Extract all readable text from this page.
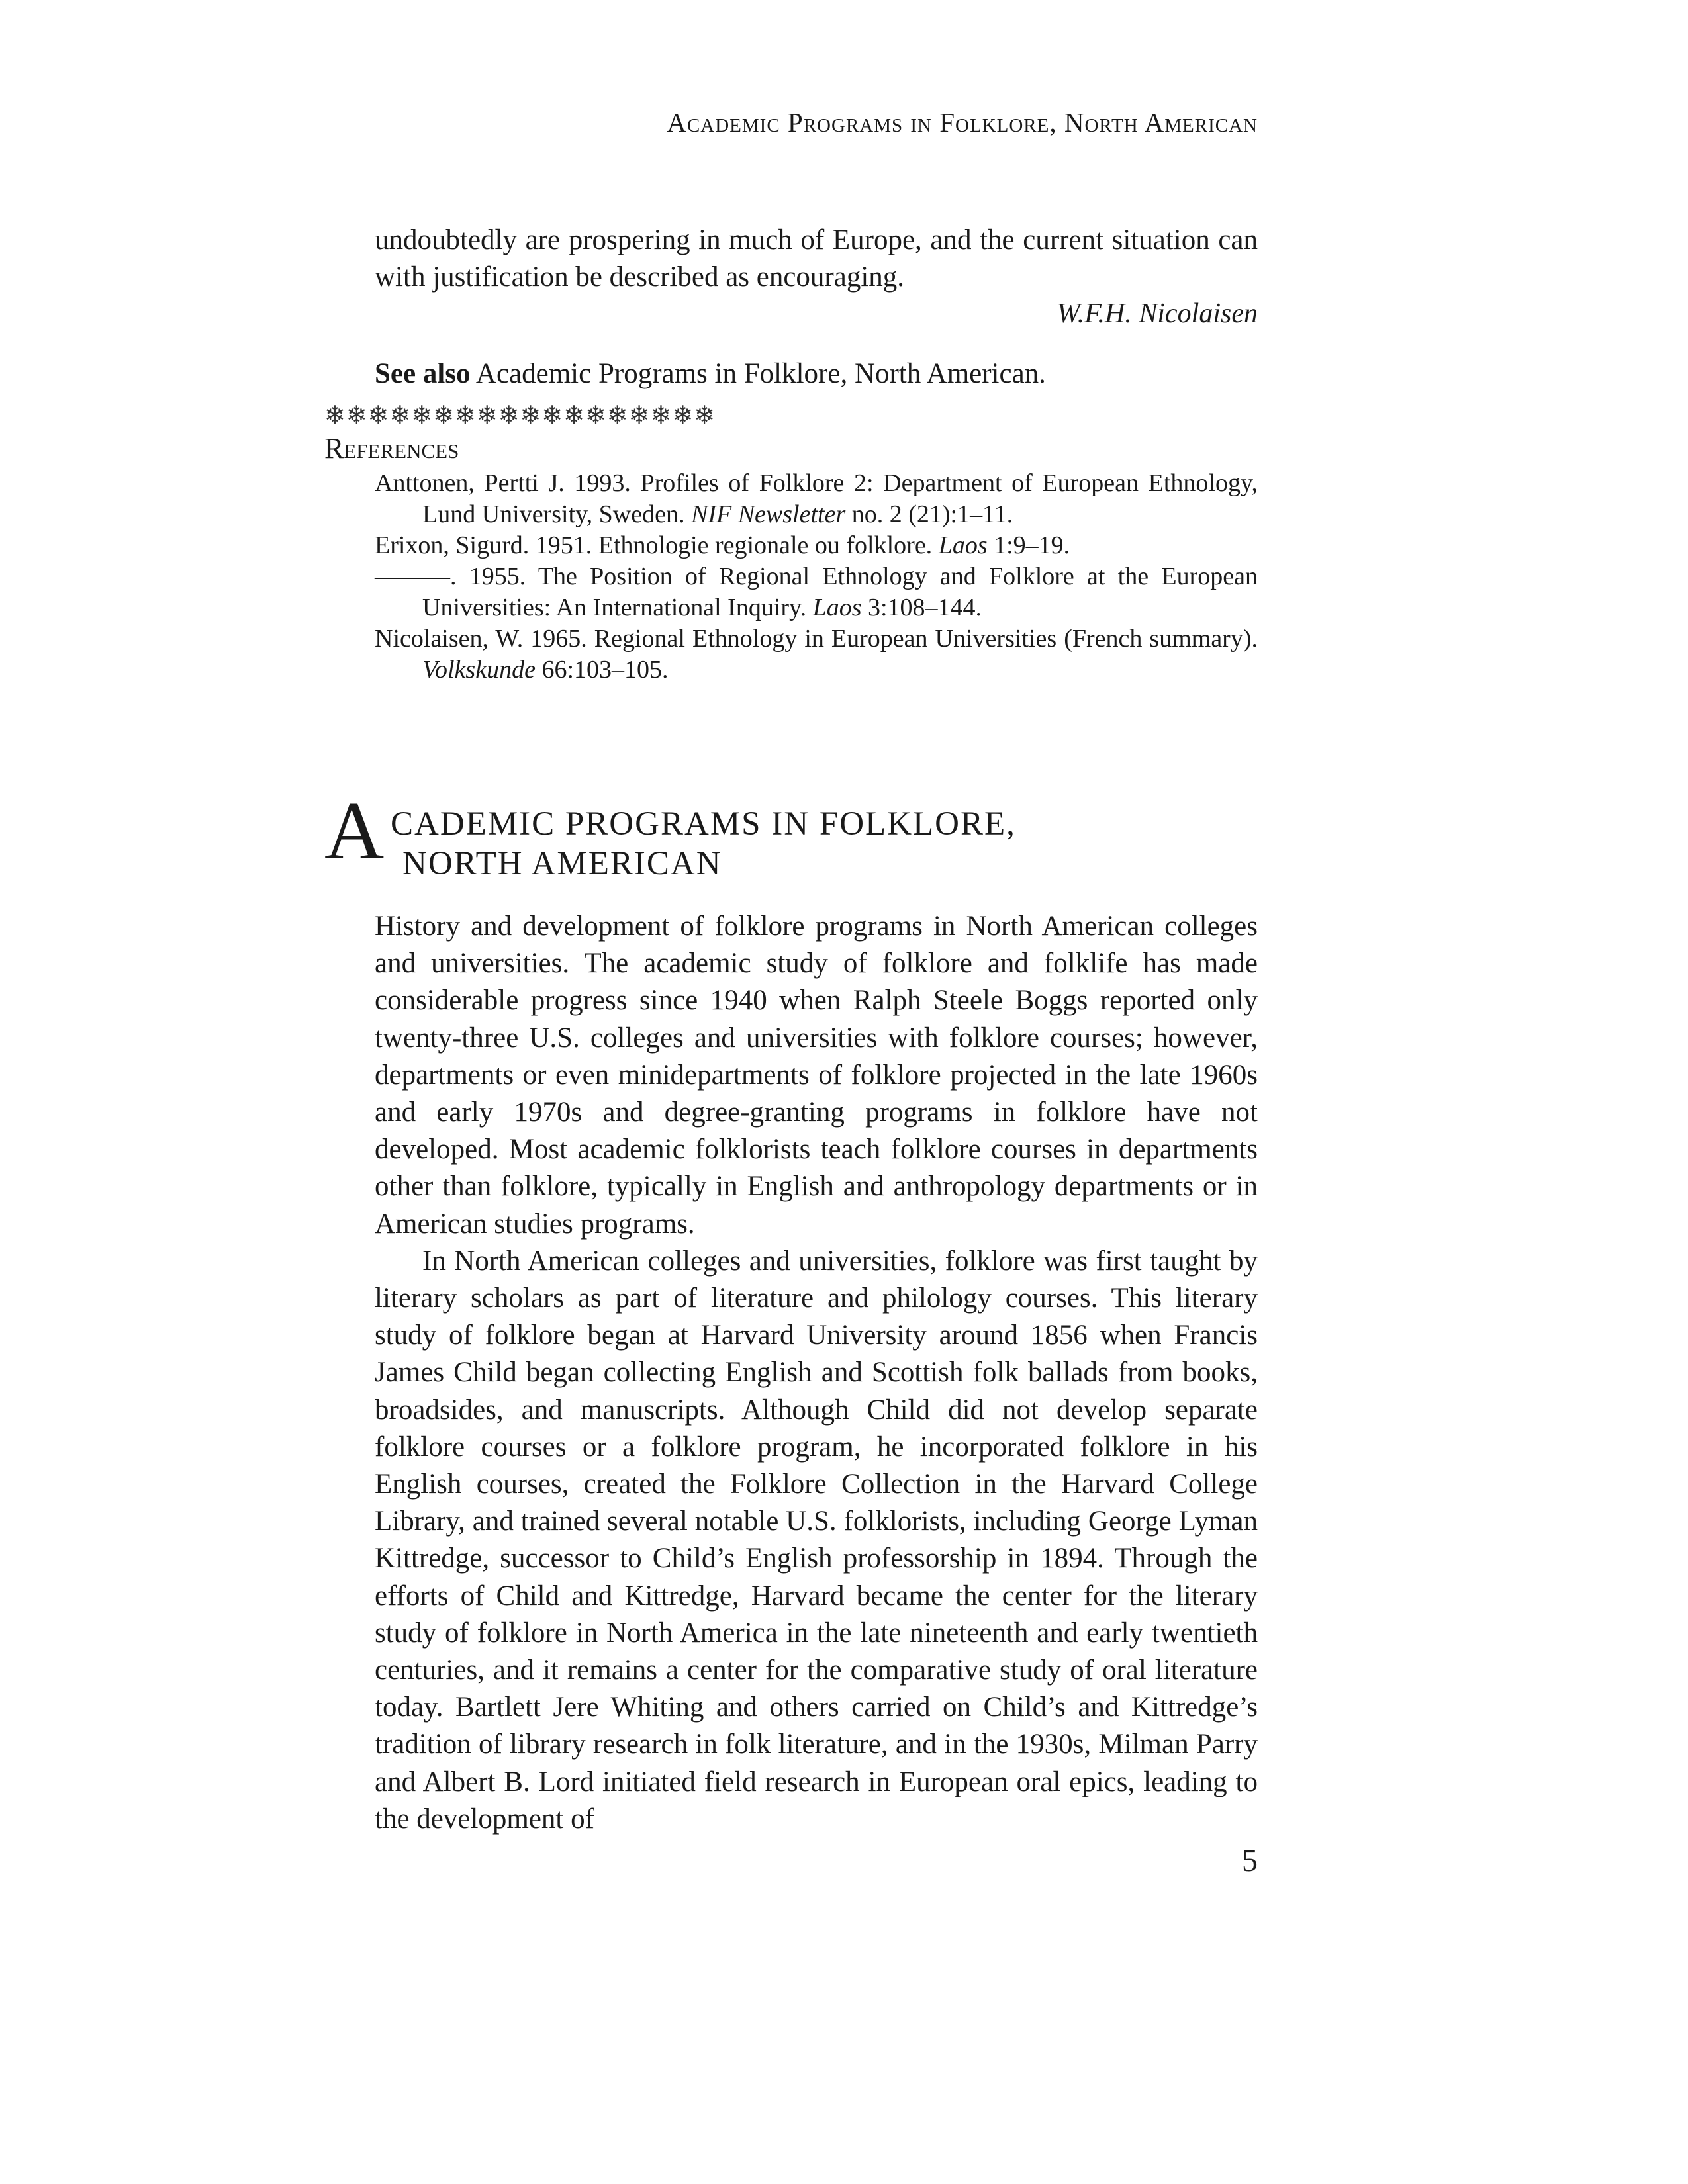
Academic Programs in Folklore, North American

undoubtedly are prospering in much of Europe, and the current situation can with justification be described as encouraging.

W.F.H. Nicolaisen
See also Academic Programs in Folklore, North American.
❄❄❄❄❄❄❄❄❄❄❄❄❄❄❄❄❄❄
References

Anttonen, Pertti J. 1993. Profiles of Folklore 2: Department of European Ethnology, Lund University, Sweden. NIF Newsletter no. 2 (21):1–11.

Erixon, Sigurd. 1951. Ethnologie regionale ou folklore. Laos 1:9–19.

———. 1955. The Position of Regional Ethnology and Folklore at the European Universities: An International Inquiry. Laos 3:108–144.

Nicolaisen, W. 1965. Regional Ethnology in European Universities (French summary). Volkskunde 66:103–105.

A CADEMIC PROGRAMS IN FOLKLORE,
NORTH AMERICAN

History and development of folklore programs in North American colleges and universities. The academic study of folklore and folklife has made considerable progress since 1940 when Ralph Steele Boggs reported only twenty-three U.S. colleges and universities with folklore courses; however, departments or even minidepartments of folklore projected in the late 1960s and early 1970s and degree-granting programs in folklore have not developed. Most academic folklorists teach folklore courses in departments other than folklore, typically in English and anthropology departments or in American studies programs.

In North American colleges and universities, folklore was first taught by literary scholars as part of literature and philology courses. This literary study of folklore began at Harvard University around 1856 when Francis James Child began collecting English and Scottish folk ballads from books, broadsides, and manuscripts. Although Child did not develop separate folklore courses or a folklore program, he incorporated folklore in his English courses, created the Folklore Collection in the Harvard College Library, and trained several notable U.S. folklorists, including George Lyman Kittredge, successor to Child’s English professorship in 1894. Through the efforts of Child and Kittredge, Harvard became the center for the literary study of folklore in North America in the late nineteenth and early twentieth centuries, and it remains a center for the comparative study of oral literature today. Bartlett Jere Whiting and others carried on Child’s and Kittredge’s tradition of library research in folk literature, and in the 1930s, Milman Parry and Albert B. Lord initiated field research in European oral epics, leading to the development of

5
